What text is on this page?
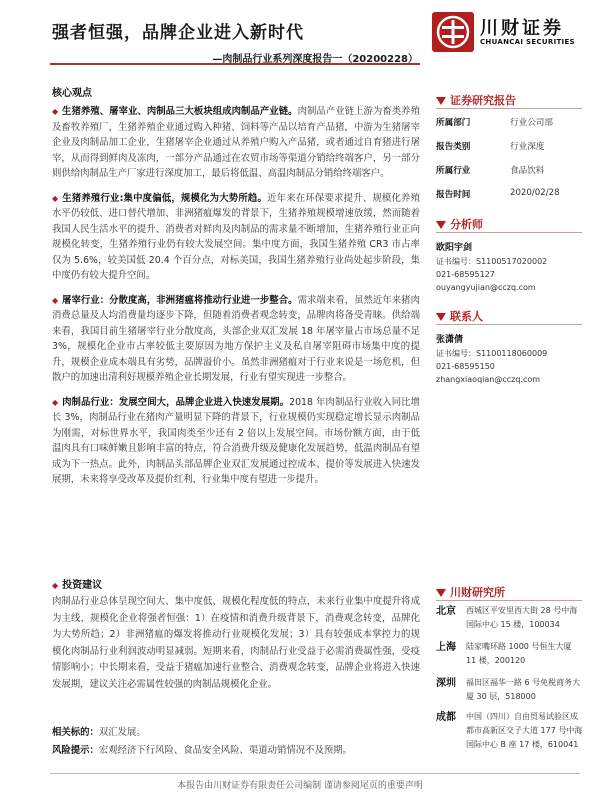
强者恒强，品牌企业进入新时代
—肉制品行业系列深度报告一（20200228）
川财证券
CHUANCAI SECURITIES
核心观点
◆ 生猪养殖、屠宰业、肉制品三大板块组成肉制品产业链。肉制品产业链上游为畜类养殖及畜牧养殖厂，生猪养殖企业通过购入种猪、饲料等产品以培育产品猪，中游为生猪屠宰企业及肉制品加工企业，生猪屠宰企业通过从养殖户购入产品猪，或者通过自育猪进行屠宰，从而得到鲜肉及冻肉，一部分产品通过在农贸市场等渠道分销给终端客户，另一部分则供给肉制品生产厂家进行深度加工，最后将低温、高温肉制品分销给终端客户。
◆ 生猪养殖行业:集中度偏低，规模化为大势所趋。近年来在环保要求提升、规模化养殖水平仍较低、进口替代增加、非洲猪瘟爆发的背景下，生猪养殖规模增速放缓，然而随着我国人民生活水平的提升、消费者对鲜肉及肉制品的需求量不断增加，生猪养殖行业正向规模化转变，生猪养殖行业仍有较大发展空间。集中度方面，我国生猪养殖 CR3 市占率仅为 5.6%，较美国低 20.4 个百分点，对标美国，我国生猪养殖行业尚处起步阶段，集中度仍有较大提升空间。
◆ 屠宰行业：分散度高，非洲猪瘟将推动行业进一步整合。需求端来看，虽然近年来猪肉消费总量及人均消费量均逐步下降，但随着消费者观念转变，品牌肉将备受青睐。供给端来看，我国目前生猪屠宰行业分散度高，头部企业双汇发展 18 年屠宰量占市场总量不足 3%，规模化企业市占率较低主要原因为地方保护主义及私自屠宰阻碍市场集中度的提升，规模企业成本端具有劣势，品牌溢价小。虽然非洲猪瘟对于行业来说是一场危机，但散户的加速出清利好规模养殖企业长期发展，行业有望实现进一步整合。
◆ 肉制品行业：发展空间大，品牌企业进入快速发展期。2018 年肉制品行业收入同比增长 3%，肉制品行业在猪肉产量明显下降的背景下，行业规模仍实现稳定增长显示肉制品为刚需，对标世界水平，我国肉类至少还有 2 倍以上发展空间。市场份额方面，由于低温肉具有口味鲜嫩且影响丰富的特点，符合消费升级及健康化发展趋势，低温肉制品有望成为下一热点。此外，肉制品头部品牌企业双汇发展通过控成本、提价等发展进入快速发展期，未来将享受改革及提价红利，行业集中度有望进一步提升。
◆ 投资建议
肉制品行业总体呈现空间大、集中度低、规模化程度低的特点，未来行业集中度提升将成为主线，规模化企业将强者恒强：1）在疫情和消费升级背景下，消费观念转变，品牌化为大势所趋；2）非洲猪瘟的爆发将推动行业规模化发展；3）具有较强成本掌控力的规模化肉制品行业利润波动明显减弱。短期来看，肉制品行业受益于必需消费属性强，受疫情影响小；中长期来看，受益于猪瘟加速行业整合、消费观念转变，品牌企业将进入快速发展期，建议关注必需属性较强的肉制品规模化企业。
相关标的：双汇发展。
风险提示：宏观经济下行风险、食品安全风险、渠道动销情况不及预期。
本报告由川财证券有限责任公司编制 谨请参阅尾页的重要声明
证券研究报告
所属部门	行业公司部
报告类别	行业深度
所属行业	食品饮料
报告时间	2020/02/28
分析师
欧阳宇剑
证书编号：S1100517020002
021-68595127
ouyangyujian@cczq.com
联系人
张潇倩
证书编号：S1100118060009
021-68595150
zhangxiaoqian@cczq.com
川财研究所
北京 西城区平安里西大街 28 号中海国际中心 15 楼，100034
上海 陆家嘴环路 1000 号恒生大厦 11 楼，200120
深圳 福田区福华一路 6 号免税商务大厦 30 层，518000
成都 中国（四川）自由贸易试验区成都市高新区交子大道 177 号中海国际中心 B 座 17 楼，610041
